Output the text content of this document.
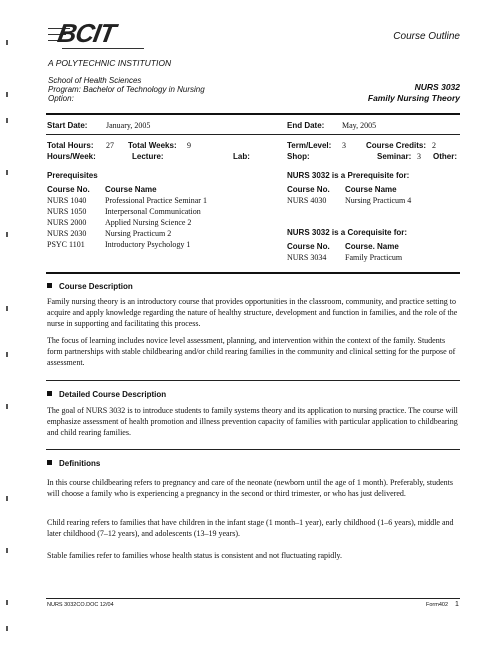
BCIT
A POLYTECHNIC INSTITUTION
School of Health Sciences
Program: Bachelor of Technology in Nursing
Option:
Course Outline
NURS 3032
Family Nursing Theory
Start Date: January, 2005	End Date: May, 2005
Total Hours: 27 Total Weeks: 9	Term/Level: 3	Course Credits: 2
Hours/Week:	Lecture:	Lab:	Shop:	Seminar: 3 Other:
Prerequisites
Course No.	Course Name
NURS 1040	Professional Practice Seminar 1
NURS 1050	Interpersonal Communication
NURS 2000	Applied Nursing Science 2
NURS 2030	Nursing Practicum 2
PSYC 1101	Introductory Psychology 1
NURS 3032 is a Prerequisite for:
Course No.	Course Name
NURS 4030	Nursing Practicum 4
NURS 3032 is a Corequisite for:
Course No.	Course. Name
NURS 3034	Family Practicum
Course Description
Family nursing theory is an introductory course that provides opportunities in the classroom, community, and practice setting to acquire and apply knowledge regarding the nature of healthy structure, development and function in families, and the role of the nurse in supporting and facilitating this process.
The focus of learning includes novice level assessment, planning, and intervention within the context of the family. Students form partnerships with stable childbearing and/or child rearing families in the community and clinical setting for the purpose of assessment.
Detailed Course Description
The goal of NURS 3032 is to introduce students to family systems theory and its application to nursing practice. The course will emphasize assessment of health promotion and illness prevention capacity of families with particular application to childbearing and child rearing families.
Definitions
In this course childbearing refers to pregnancy and care of the neonate (newborn until the age of 1 month). Preferably, students will choose a family who is experiencing a pregnancy in the second or third trimester, or who has just delivered.
Child rearing refers to families that have children in the infant stage (1 month–1 year), early childhood (1–6 years), middle and later childhood (7–12 years), and adolescents (13–19 years).
Stable families refer to families whose health status is consistent and not fluctuating rapidly.
NURS 3032CO.DOC 12/04	Form402 1
